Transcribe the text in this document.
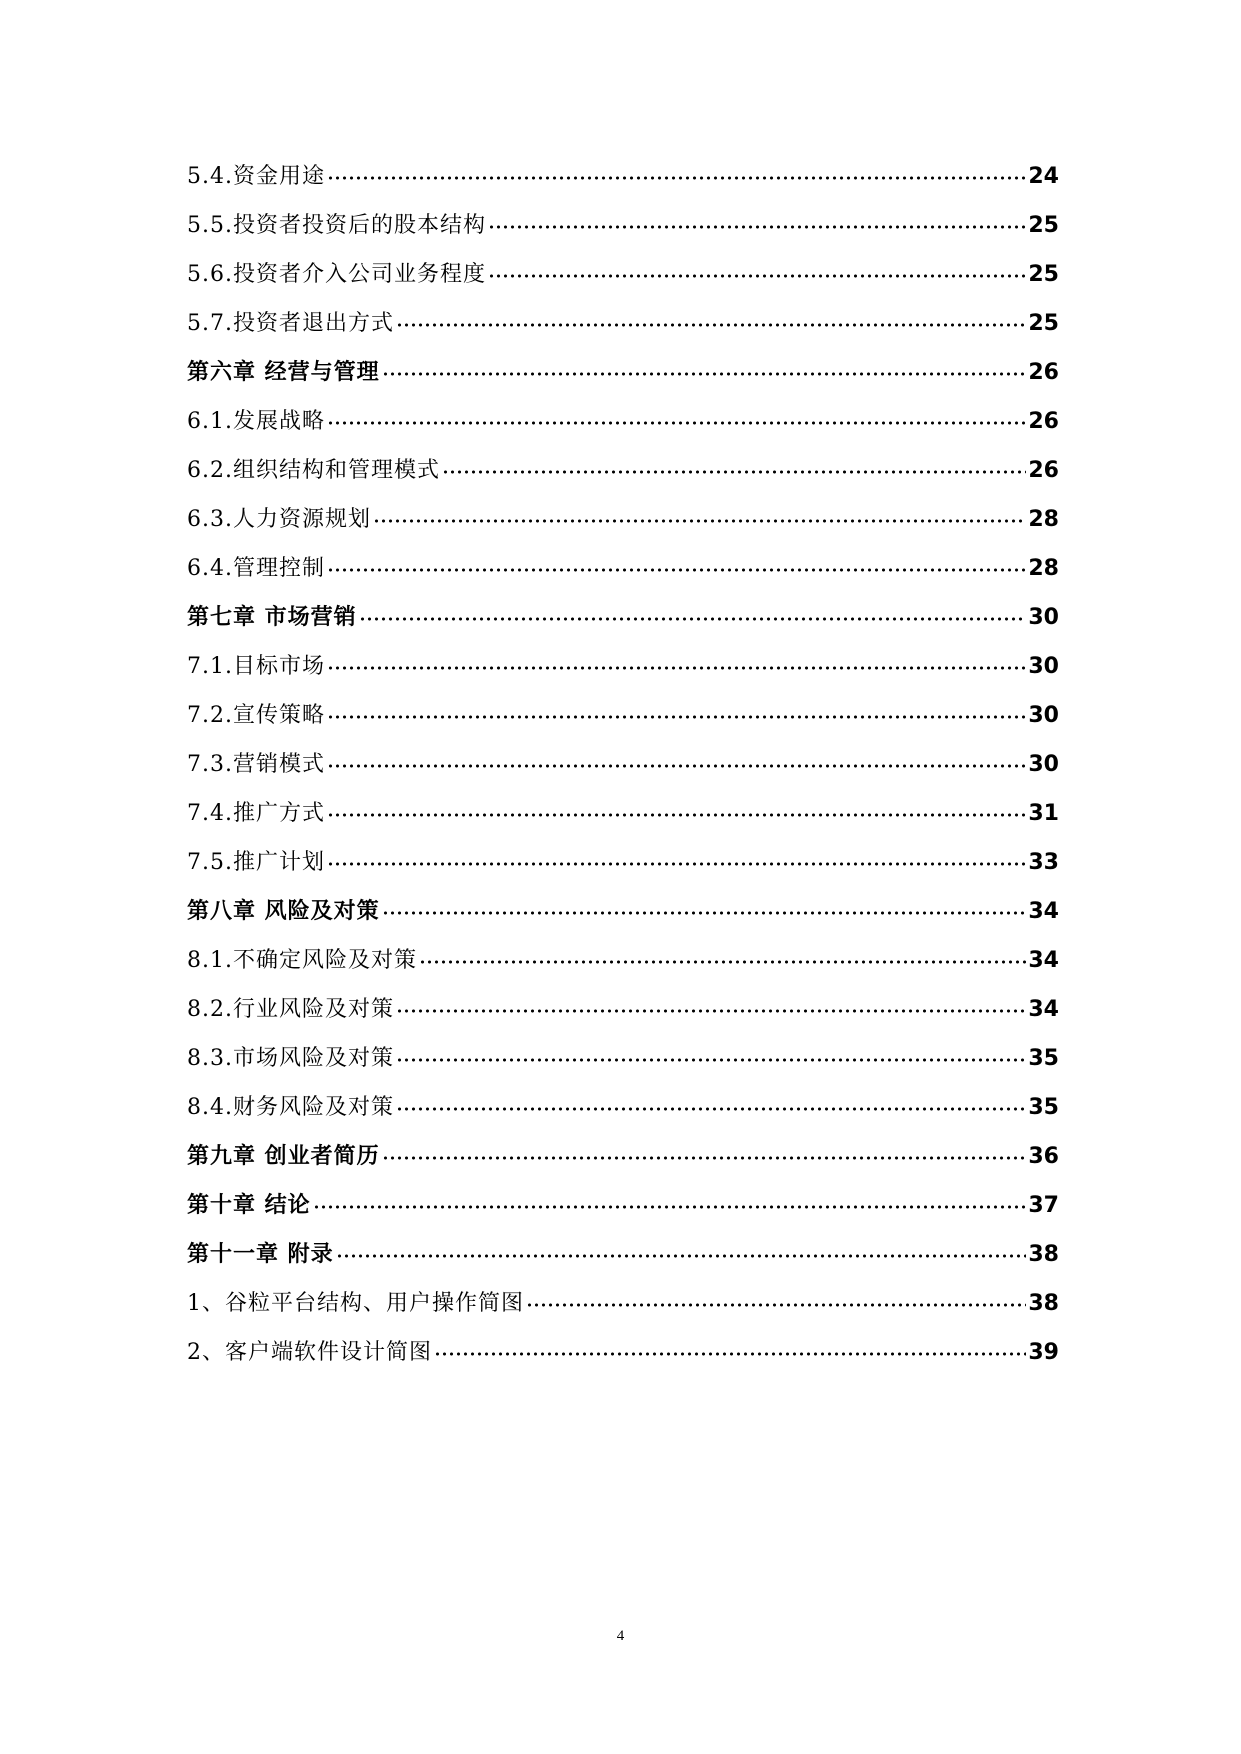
5.4.资金用途	24
5.5.投资者投资后的股本结构	25
5.6.投资者介入公司业务程度	25
5.7.投资者退出方式	25
第六章 经营与管理	26
6.1.发展战略	26
6.2.组织结构和管理模式	26
6.3.人力资源规划	28
6.4.管理控制	28
第七章 市场营销	30
7.1.目标市场	30
7.2.宣传策略	30
7.3.营销模式	30
7.4.推广方式	31
7.5.推广计划	33
第八章 风险及对策	34
8.1.不确定风险及对策	34
8.2.行业风险及对策	34
8.3.市场风险及对策	35
8.4.财务风险及对策	35
第九章 创业者简历	36
第十章 结论	37
第十一章 附录	38
1、谷粒平台结构、用户操作简图	38
2、客户端软件设计简图	39
4
